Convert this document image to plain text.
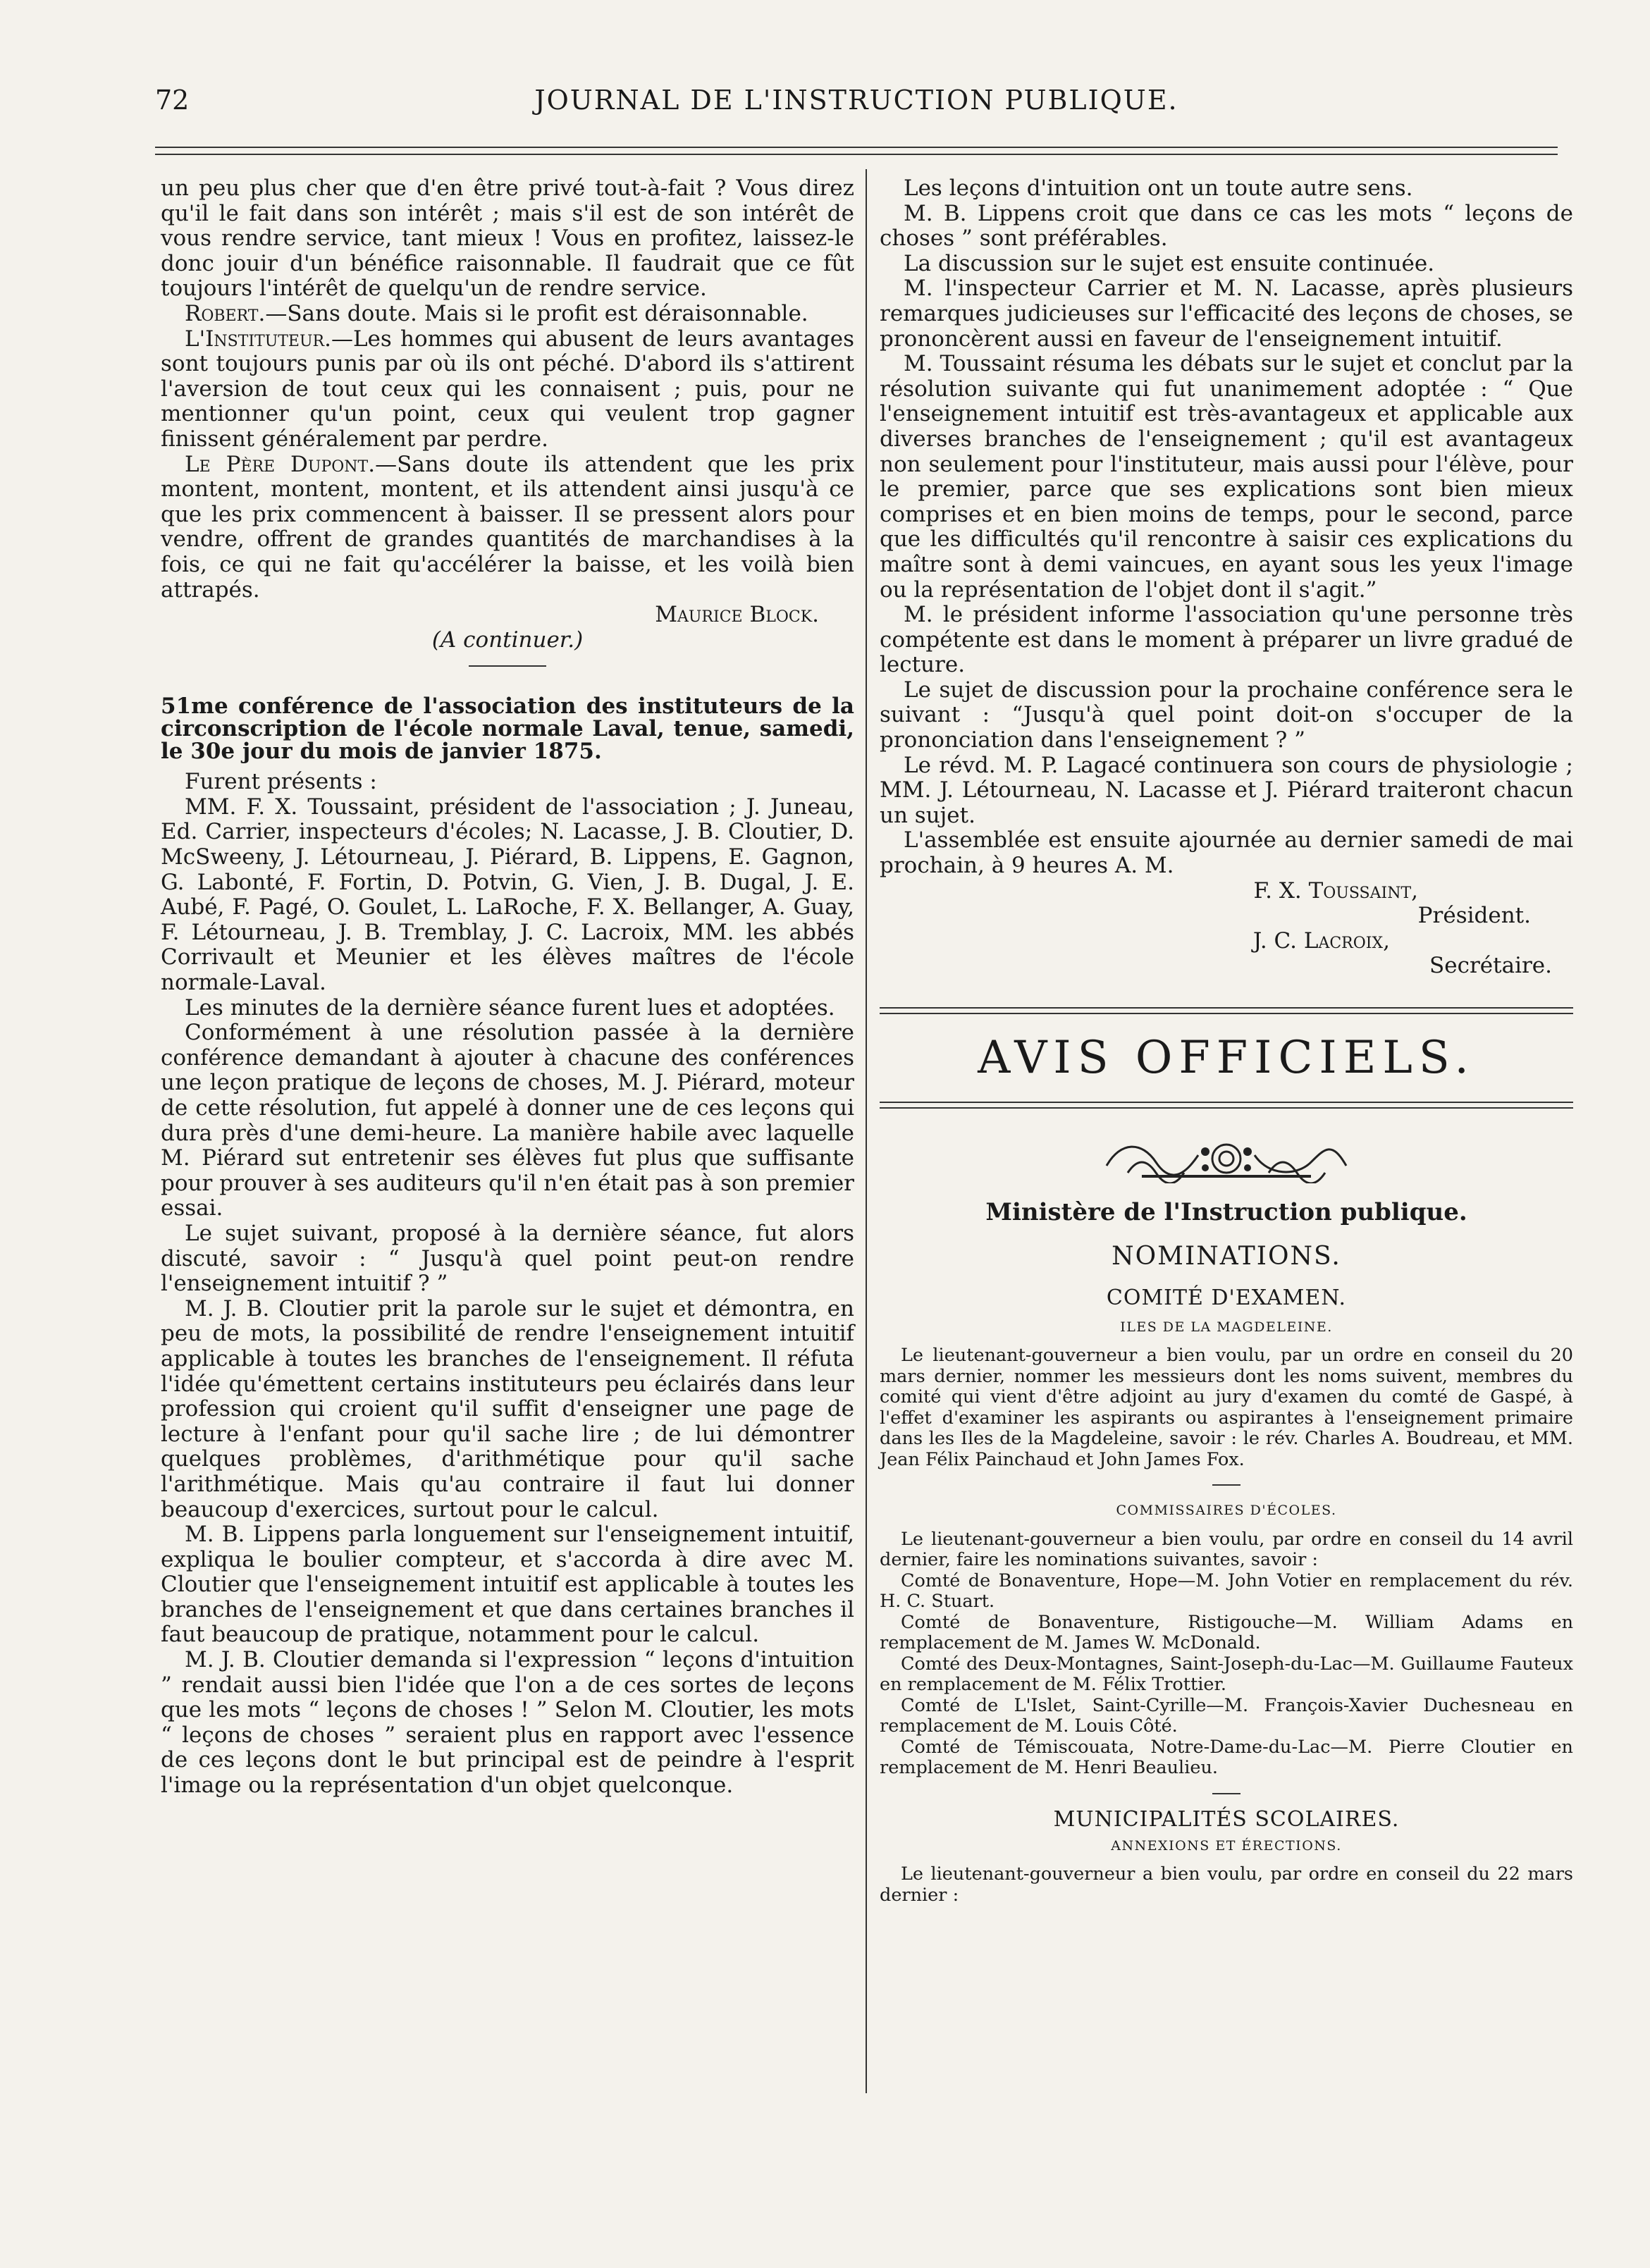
72	JOURNAL DE L'INSTRUCTION PUBLIQUE.

un peu plus cher que d'en être privé tout-à-fait ? Vous direz qu'il le fait dans son intérêt ; mais s'il est de son intérêt de vous rendre service, tant mieux ! Vous en profitez, laissez-le donc jouir d'un bénéfice raisonnable. Il faudrait que ce fût toujours l'intérêt de quelqu'un de rendre service.

Robert.—Sans doute. Mais si le profit est déraisonnable.

L'Instituteur.—Les hommes qui abusent de leurs avantages sont toujours punis par où ils ont péché. D'abord ils s'attirent l'aversion de tout ceux qui les connaisent ; puis, pour ne mentionner qu'un point, ceux qui veulent trop gagner finissent généralement par perdre.

Le Père Dupont.—Sans doute ils attendent que les prix montent, montent, montent, et ils attendent ainsi jusqu'à ce que les prix commencent à baisser. Il se pressent alors pour vendre, offrent de grandes quantités de marchandises à la fois, ce qui ne fait qu'accélérer la baisse, et les voilà bien attrapés.

Maurice Block.

(A continuer.)

51me conférence de l'association des instituteurs de la circonscription de l'école normale Laval, tenue, samedi, le 30e jour du mois de janvier 1875.

Furent présents :

MM. F. X. Toussaint, président de l'association ; J. Juneau, Ed. Carrier, inspecteurs d'écoles; N. Lacasse, J. B. Cloutier, D. McSweeny, J. Létourneau, J. Piérard, B. Lippens, E. Gagnon, G. Labonté, F. Fortin, D. Potvin, G. Vien, J. B. Dugal, J. E. Aubé, F. Pagé, O. Goulet, L. LaRoche, F. X. Bellanger, A. Guay, F. Létourneau, J. B. Tremblay, J. C. Lacroix, MM. les abbés Corrivault et Meunier et les élèves maîtres de l'école normale-Laval.

Les minutes de la dernière séance furent lues et adoptées.

Conformément à une résolution passée à la dernière conférence demandant à ajouter à chacune des conférences une leçon pratique de leçons de choses, M. J. Piérard, moteur de cette résolution, fut appelé à donner une de ces leçons qui dura près d'une demi-heure. La manière habile avec laquelle M. Piérard sut entretenir ses élèves fut plus que suffisante pour prouver à ses auditeurs qu'il n'en était pas à son premier essai.

Le sujet suivant, proposé à la dernière séance, fut alors discuté, savoir : “ Jusqu'à quel point peut-on rendre l'enseignement intuitif ? ”

M. J. B. Cloutier prit la parole sur le sujet et démontra, en peu de mots, la possibilité de rendre l'enseignement intuitif applicable à toutes les branches de l'enseignement. Il réfuta l'idée qu'émettent certains instituteurs peu éclairés dans leur profession qui croient qu'il suffit d'enseigner une page de lecture à l'enfant pour qu'il sache lire ; de lui démontrer quelques problèmes, d'arithmétique pour qu'il sache l'arithmétique. Mais qu'au contraire il faut lui donner beaucoup d'exercices, surtout pour le calcul.

M. B. Lippens parla longuement sur l'enseignement intuitif, expliqua le boulier compteur, et s'accorda à dire avec M. Cloutier que l'enseignement intuitif est applicable à toutes les branches de l'enseignement et que dans certaines branches il faut beaucoup de pratique, notamment pour le calcul.

M. J. B. Cloutier demanda si l'expression “ leçons d'intuition ” rendait aussi bien l'idée que l'on a de ces sortes de leçons que les mots “ leçons de choses ! ” Selon M. Cloutier, les mots “ leçons de choses ” seraient plus en rapport avec l'essence de ces leçons dont le but principal est de peindre à l'esprit l'image ou la représentation d'un objet quelconque.

Les leçons d'intuition ont un toute autre sens.

M. B. Lippens croit que dans ce cas les mots “ leçons de choses ” sont préférables.

La discussion sur le sujet est ensuite continuée.

M. l'inspecteur Carrier et M. N. Lacasse, après plusieurs remarques judicieuses sur l'efficacité des leçons de choses, se prononcèrent aussi en faveur de l'enseignement intuitif.

M. Toussaint résuma les débats sur le sujet et conclut par la résolution suivante qui fut unanimement adoptée : “ Que l'enseignement intuitif est très-avantageux et applicable aux diverses branches de l'enseignement ; qu'il est avantageux non seulement pour l'instituteur, mais aussi pour l'élève, pour le premier, parce que ses explications sont bien mieux comprises et en bien moins de temps, pour le second, parce que les difficultés qu'il rencontre à saisir ces explications du maître sont à demi vaincues, en ayant sous les yeux l'image ou la représentation de l'objet dont il s'agit.”

M. le président informe l'association qu'une personne très compétente est dans le moment à préparer un livre gradué de lecture.

Le sujet de discussion pour la prochaine conférence sera le suivant : “Jusqu'à quel point doit-on s'occuper de la prononciation dans l'enseignement ? ”

Le révd. M. P. Lagacé continuera son cours de physiologie ; MM. J. Létourneau, N. Lacasse et J. Piérard traiteront chacun un sujet.

L'assemblée est ensuite ajournée au dernier samedi de mai prochain, à 9 heures A. M.

F. X. Toussaint,

Président.

J. C. Lacroix,

Secrétaire.

AVIS OFFICIELS.
Ministère de l'Instruction publique.
NOMINATIONS.
COMITÉ D'EXAMEN.
ILES DE LA MAGDELEINE.

Le lieutenant-gouverneur a bien voulu, par un ordre en conseil du 20 mars dernier, nommer les messieurs dont les noms suivent, membres du comité qui vient d'être adjoint au jury d'examen du comté de Gaspé, à l'effet d'examiner les aspirants ou aspirantes à l'enseignement primaire dans les Iles de la Magdeleine, savoir : le rév. Charles A. Boudreau, et MM. Jean Félix Painchaud et John James Fox.

COMMISSAIRES D'ÉCOLES.

Le lieutenant-gouverneur a bien voulu, par ordre en conseil du 14 avril dernier, faire les nominations suivantes, savoir :

Comté de Bonaventure, Hope—M. John Votier en remplacement du rév. H. C. Stuart.

Comté de Bonaventure, Ristigouche—M. William Adams en remplacement de M. James W. McDonald.

Comté des Deux-Montagnes, Saint-Joseph-du-Lac—M. Guillaume Fauteux en remplacement de M. Félix Trottier.

Comté de L'Islet, Saint-Cyrille—M. François-Xavier Duchesneau en remplacement de M. Louis Côté.

Comté de Témiscouata, Notre-Dame-du-Lac—M. Pierre Cloutier en remplacement de M. Henri Beaulieu.

MUNICIPALITÉS SCOLAIRES.
ANNEXIONS ET ÉRECTIONS.

Le lieutenant-gouverneur a bien voulu, par ordre en conseil du 22 mars dernier :
